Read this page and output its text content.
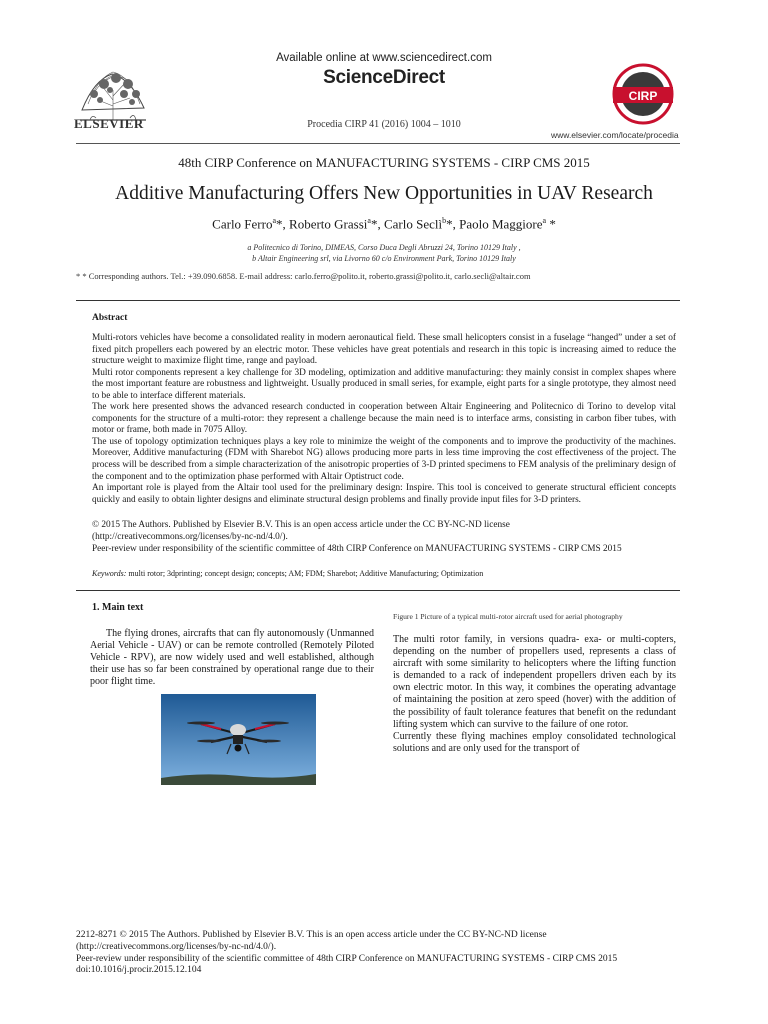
ELSEVIER
Available online at www.sciencedirect.com
ScienceDirect
Procedia CIRP 41 (2016) 1004 – 1010
CIRP
www.elsevier.com/locate/procedia
48th CIRP Conference on MANUFACTURING SYSTEMS - CIRP CMS 2015
Additive Manufacturing Offers New Opportunities in UAV Research
Carlo Ferro$^a$*, Roberto Grassi$^a$*, Carlo Seclì$^b$*, Paolo Maggiore$^a$ *
a Politecnico di Torino, DIMEAS, Corso Duca Degli Abruzzi 24, Torino 10129 Italy ,
b Altair Engineering srl, via Livorno 60 c/o Environment Park, Torino 10129 Italy
* * Corresponding authors. Tel.: +39.090.6858. E-mail address: carlo.ferro@polito.it, roberto.grassi@polito.it, carlo.secli@altair.com
Abstract

Multi-rotors vehicles have become a consolidated reality in modern aeronautical field. These small helicopters consist in a fuselage “hanged” under a set of fixed pitch propellers each powered by an electric motor. These vehicles have great potentials and research in this topic is increasing aimed to reduce the structure weight to maximize flight time, range and payload.

Multi rotor components represent a key challenge for 3D modeling, optimization and additive manufacturing: they mainly consist in complex shapes where the most important feature are robustness and lightweight. Usually produced in small series, for example, eight parts for a single prototype, they almost need to be able to interface different materials.

The work here presented shows the advanced research conducted in cooperation between Altair Engineering and Politecnico di Torino to develop vital components for the structure of a multi-rotor: they represent a challenge because the main need is to interface arms, consisting in carbon fiber tubes, with motor or frame, both made in 7075 Alloy.

The use of topology optimization techniques plays a key role to minimize the weight of the components and to improve the productivity of the machines. Moreover, Additive manufacturing (FDM with Sharebot NG) allows producing more parts in less time improving the cost effectiveness of the project. The process will be described from a simple characterization of the anisotropic properties of 3-D printed specimens to FEM analysis of the preliminary design of the component and to the optimization phase performed with Altair Optistruct code.

An important role is played from the Altair tool used for the preliminary design: Inspire. This tool is conceived to generate structural efficient concepts quickly and easily to obtain lighter designs and eliminate structural design problems and finally provide input files for 3-D printers.

© 2015 The Authors. Published by Elsevier B.V. This is an open access article under the CC BY-NC-ND license

(http://creativecommons.org/licenses/by-nc-nd/4.0/).

Peer-review under responsibility of the scientific committee of 48th CIRP Conference on MANUFACTURING SYSTEMS - CIRP CMS 2015

Keywords: multi rotor; 3dprinting; concept design; concepts; AM; FDM; Sharebot; Additive Manufacturing; Optimization
1. Main text

The flying drones, aircrafts that can fly autonomously (Unmanned Aerial Vehicle - UAV) or can be remote controlled (Remotely Piloted Vehicle - RPV), are now widely used and well established, although their use has so far been constrained by operational range due to their poor flight time.

Figure 1 Picture of a typical multi-rotor aircraft used for aerial photography

The multi rotor family, in versions quadra- exa- or multi-copters, depending on the number of propellers used, represents a class of aircraft with some similarity to helicopters where the lifting function is demanded to a rack of independent propellers driven each by its own electric motor. In this way, it combines the operating advantage of maintaining the position at zero speed (hover) with the addition of the possibility of fault tolerance features that benefit on the redundant lifting system which can survive to the failure of one rotor.

Currently these flying machines employ consolidated technological solutions and are only used for the transport of

2212-8271 © 2015 The Authors. Published by Elsevier B.V. This is an open access article under the CC BY-NC-ND license

(http://creativecommons.org/licenses/by-nc-nd/4.0/).

Peer-review under responsibility of the scientific committee of 48th CIRP Conference on MANUFACTURING SYSTEMS - CIRP CMS 2015

doi:10.1016/j.procir.2015.12.104
